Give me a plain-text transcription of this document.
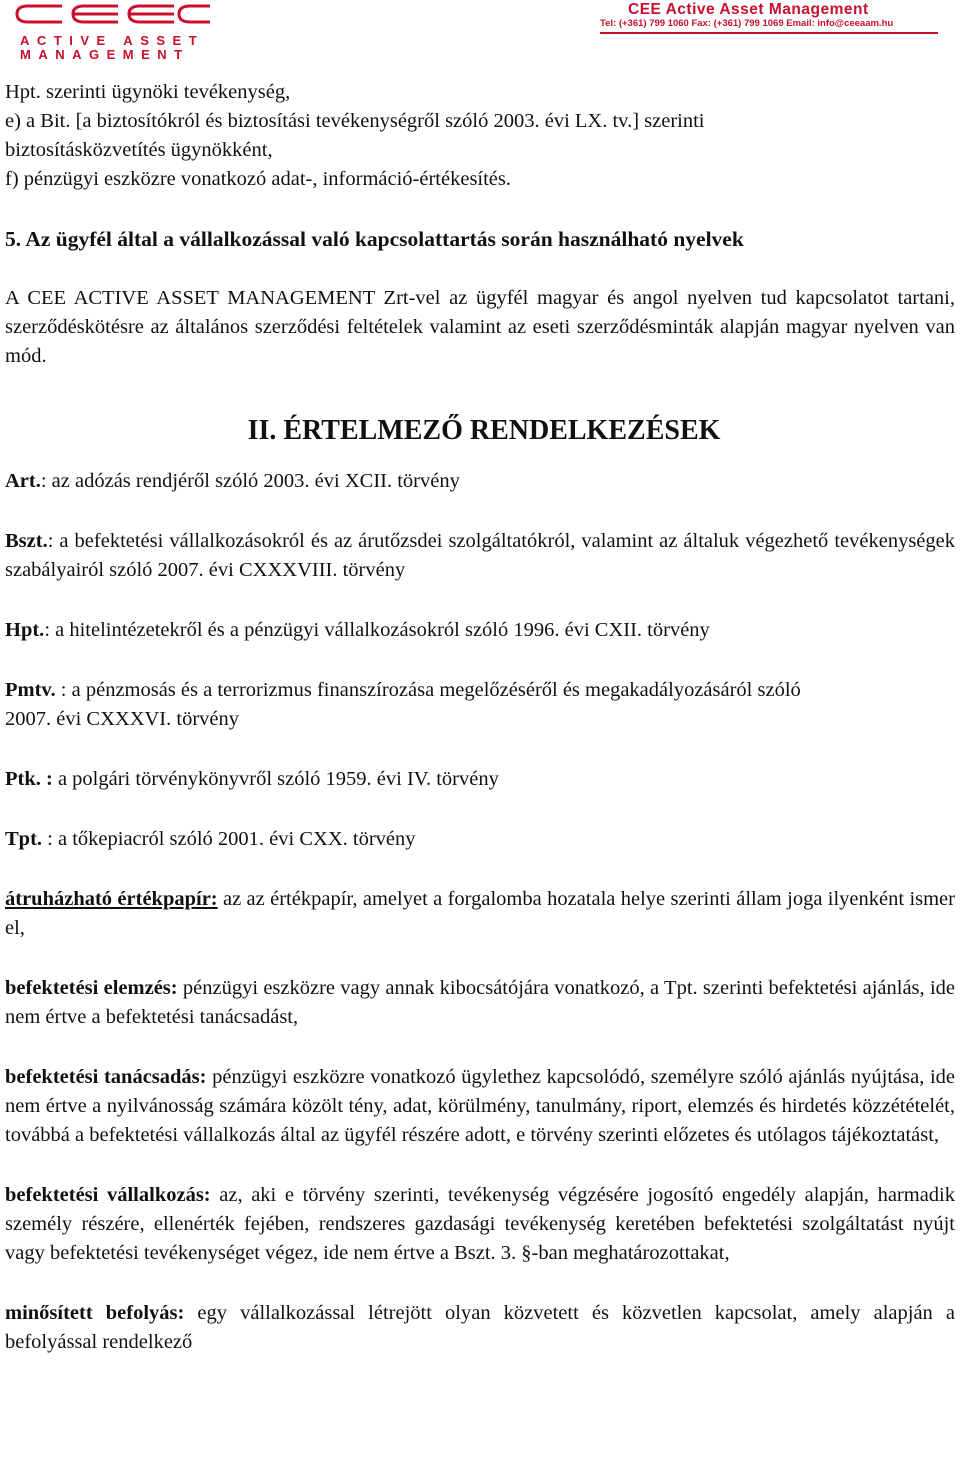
ACTIVE ASSET
MANAGEMENT
CEE Active Asset Management
Tel: (+361) 799 1060 Fax: (+361) 799 1069 Email: info@ceeaam.hu
Hpt. szerinti ügynöki tevékenység,
e) a Bit. [a biztosítókról és biztosítási tevékenységről szóló 2003. évi LX. tv.] szerinti
biztosításközvetítés ügynökként,
f) pénzügyi eszközre vonatkozó adat-, információ-értékesítés.
5. Az ügyfél által a vállalkozással való kapcsolattartás során használható nyelvek
A CEE ACTIVE ASSET MANAGEMENT Zrt-vel az ügyfél magyar és angol nyelven tud kapcsolatot tartani, szerződéskötésre az általános szerződési feltételek valamint az eseti szerződésminták alapján magyar nyelven van mód.
II. ÉRTELMEZŐ RENDELKEZÉSEK
Art.: az adózás rendjéről szóló 2003. évi XCII. törvény
Bszt.: a befektetési vállalkozásokról és az árutőzsdei szolgáltatókról, valamint az általuk végezhető tevékenységek szabályairól szóló 2007. évi CXXXVIII. törvény
Hpt.: a hitelintézetekről és a pénzügyi vállalkozásokról szóló 1996. évi CXII. törvény
Pmtv. : a pénzmosás és a terrorizmus finanszírozása megelőzéséről és megakadályozásáról szóló
2007. évi CXXXVI. törvény
Ptk. : a polgári törvénykönyvről szóló 1959. évi IV. törvény
Tpt. : a tőkepiacról szóló 2001. évi CXX. törvény
átruházható értékpapír: az az értékpapír, amelyet a forgalomba hozatala helye szerinti állam joga ilyenként ismer el,
befektetési elemzés: pénzügyi eszközre vagy annak kibocsátójára vonatkozó, a Tpt. szerinti befektetési ajánlás, ide nem értve a befektetési tanácsadást,
befektetési tanácsadás: pénzügyi eszközre vonatkozó ügylethez kapcsolódó, személyre szóló ajánlás nyújtása, ide nem értve a nyilvánosság számára közölt tény, adat, körülmény, tanulmány, riport, elemzés és hirdetés közzétételét, továbbá a befektetési vállalkozás által az ügyfél részére adott, e törvény szerinti előzetes és utólagos tájékoztatást,
befektetési vállalkozás: az, aki e törvény szerinti, tevékenység végzésére jogosító engedély alapján, harmadik személy részére, ellenérték fejében, rendszeres gazdasági tevékenység keretében befektetési szolgáltatást nyújt vagy befektetési tevékenységet végez, ide nem értve a Bszt. 3. §-ban meghatározottakat,
minősített befolyás: egy vállalkozással létrejött olyan közvetett és közvetlen kapcsolat, amely alapján a befolyással rendelkező
